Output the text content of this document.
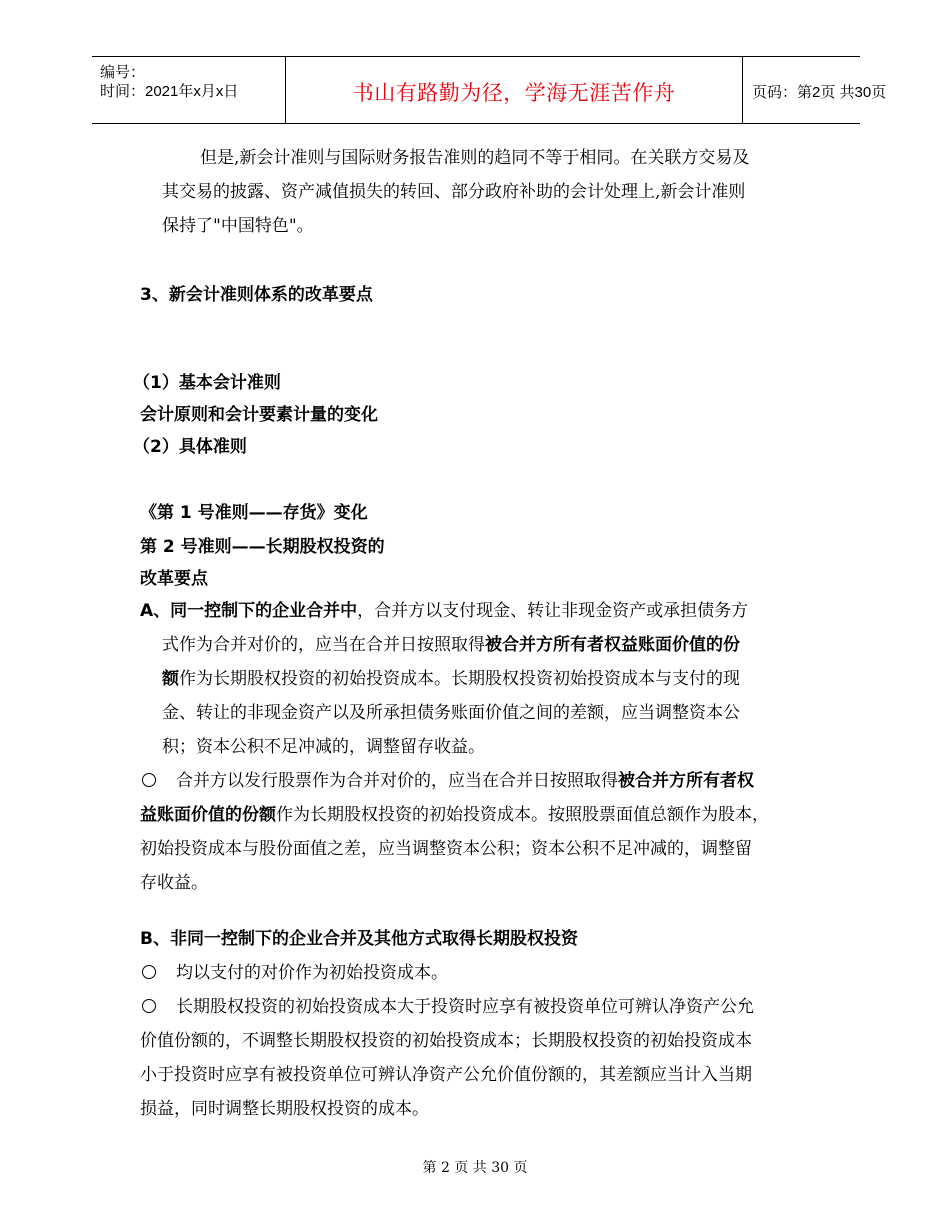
编号：
时间：2021年x月x日	书山有路勤为径，学海无涯苦作舟	页码：第2页 共30页
但是,新会计准则与国际财务报告准则的趋同不等于相同。在关联方交易及
其交易的披露、资产减值损失的转回、部分政府补助的会计处理上,新会计准则
保持了"中国特色"。
3、新会计准则体系的改革要点
（1）基本会计准则
会计原则和会计要素计量的变化
（2）具体准则
《第 1 号准则——存货》变化
第 2 号准则——长期股权投资的
改革要点
A、同一控制下的企业合并中，合并方以支付现金、转让非现金资产或承担债务方
式作为合并对价的，应当在合并日按照取得被合并方所有者权益账面价值的份
额作为长期股权投资的初始投资成本。长期股权投资初始投资成本与支付的现
金、转让的非现金资产以及所承担债务账面价值之间的差额，应当调整资本公
积；资本公积不足冲减的，调整留存收益。
合并方以发行股票作为合并对价的，应当在合并日按照取得被合并方所有者权
益账面价值的份额作为长期股权投资的初始投资成本。按照股票面值总额作为股本，
初始投资成本与股份面值之差，应当调整资本公积；资本公积不足冲减的，调整留
存收益。
B、非同一控制下的企业合并及其他方式取得长期股权投资
均以支付的对价作为初始投资成本。
长期股权投资的初始投资成本大于投资时应享有被投资单位可辨认净资产公允
价值份额的，不调整长期股权投资的初始投资成本；长期股权投资的初始投资成本
小于投资时应享有被投资单位可辨认净资产公允价值份额的，其差额应当计入当期
损益，同时调整长期股权投资的成本。
第 2 页 共 30 页
